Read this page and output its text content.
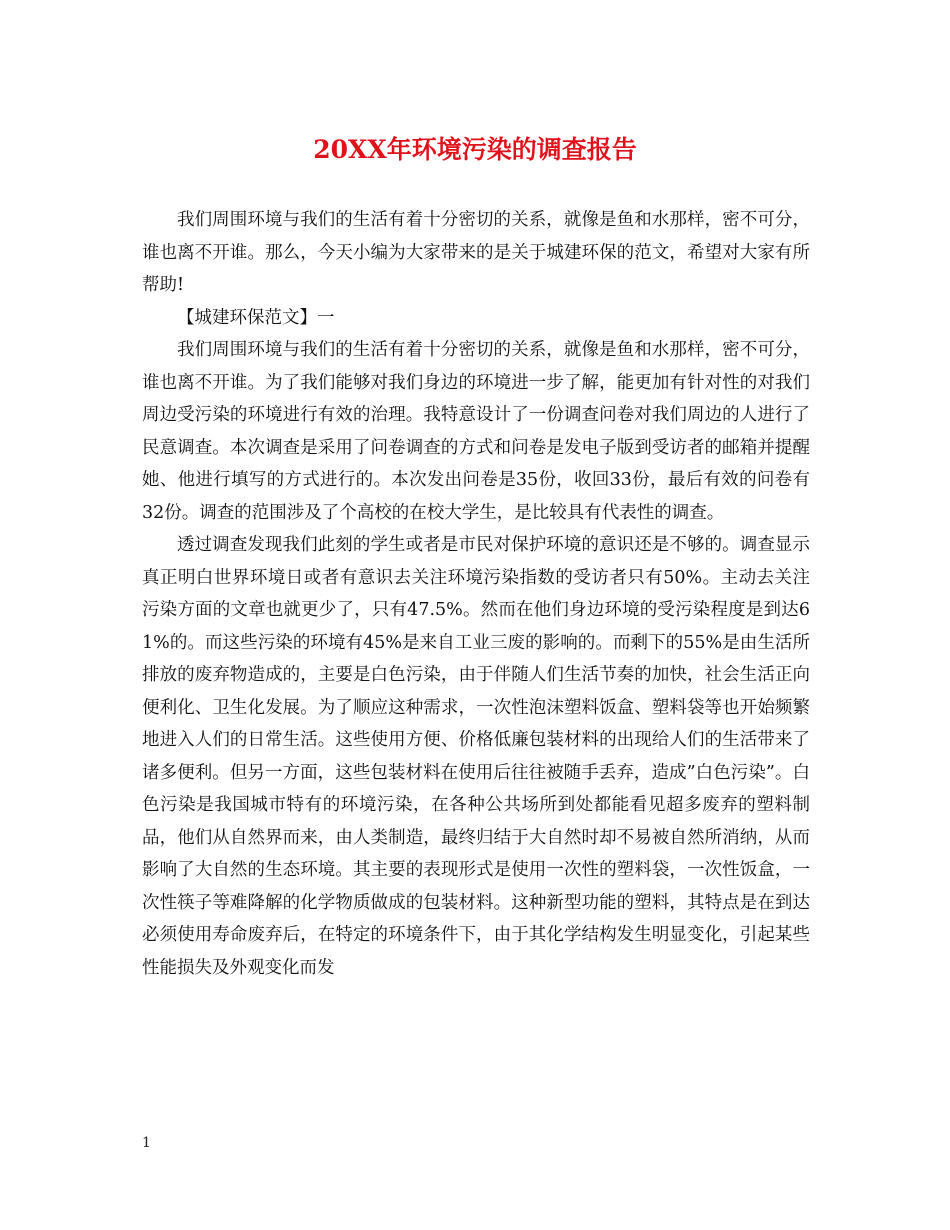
20XX年环境污染的调查报告

我们周围环境与我们的生活有着十分密切的关系，就像是鱼和水那样，密不可分，谁也离不开谁。那么，今天小编为大家带来的是关于城建环保的范文，希望对大家有所帮助!

【城建环保范文】一

我们周围环境与我们的生活有着十分密切的关系，就像是鱼和水那样，密不可分，谁也离不开谁。为了我们能够对我们身边的环境进一步了解，能更加有针对性的对我们周边受污染的环境进行有效的治理。我特意设计了一份调查问卷对我们周边的人进行了民意调查。本次调查是采用了问卷调查的方式和问卷是发电子版到受访者的邮箱并提醒她、他进行填写的方式进行的。本次发出问卷是35份，收回33份，最后有效的问卷有32份。调查的范围涉及了个高校的在校大学生，是比较具有代表性的调查。

透过调查发现我们此刻的学生或者是市民对保护环境的意识还是不够的。调查显示真正明白世界环境日或者有意识去关注环境污染指数的受访者只有50%。主动去关注污染方面的文章也就更少了，只有47.5%。然而在他们身边环境的受污染程度是到达61%的。而这些污染的环境有45%是来自工业三废的影响的。而剩下的55%是由生活所排放的废弃物造成的，主要是白色污染，由于伴随人们生活节奏的加快，社会生活正向便利化、卫生化发展。为了顺应这种需求，一次性泡沫塑料饭盒、塑料袋等也开始频繁地进入人们的日常生活。这些使用方便、价格低廉包装材料的出现给人们的生活带来了诸多便利。但另一方面，这些包装材料在使用后往往被随手丢弃，造成”白色污染”。白色污染是我国城市特有的环境污染，在各种公共场所到处都能看见超多废弃的塑料制品，他们从自然界而来，由人类制造，最终归结于大自然时却不易被自然所消纳，从而影响了大自然的生态环境。其主要的表现形式是使用一次性的塑料袋，一次性饭盒，一次性筷子等难降解的化学物质做成的包装材料。这种新型功能的塑料，其特点是在到达必须使用寿命废弃后，在特定的环境条件下，由于其化学结构发生明显变化，引起某些性能损失及外观变化而发

1
